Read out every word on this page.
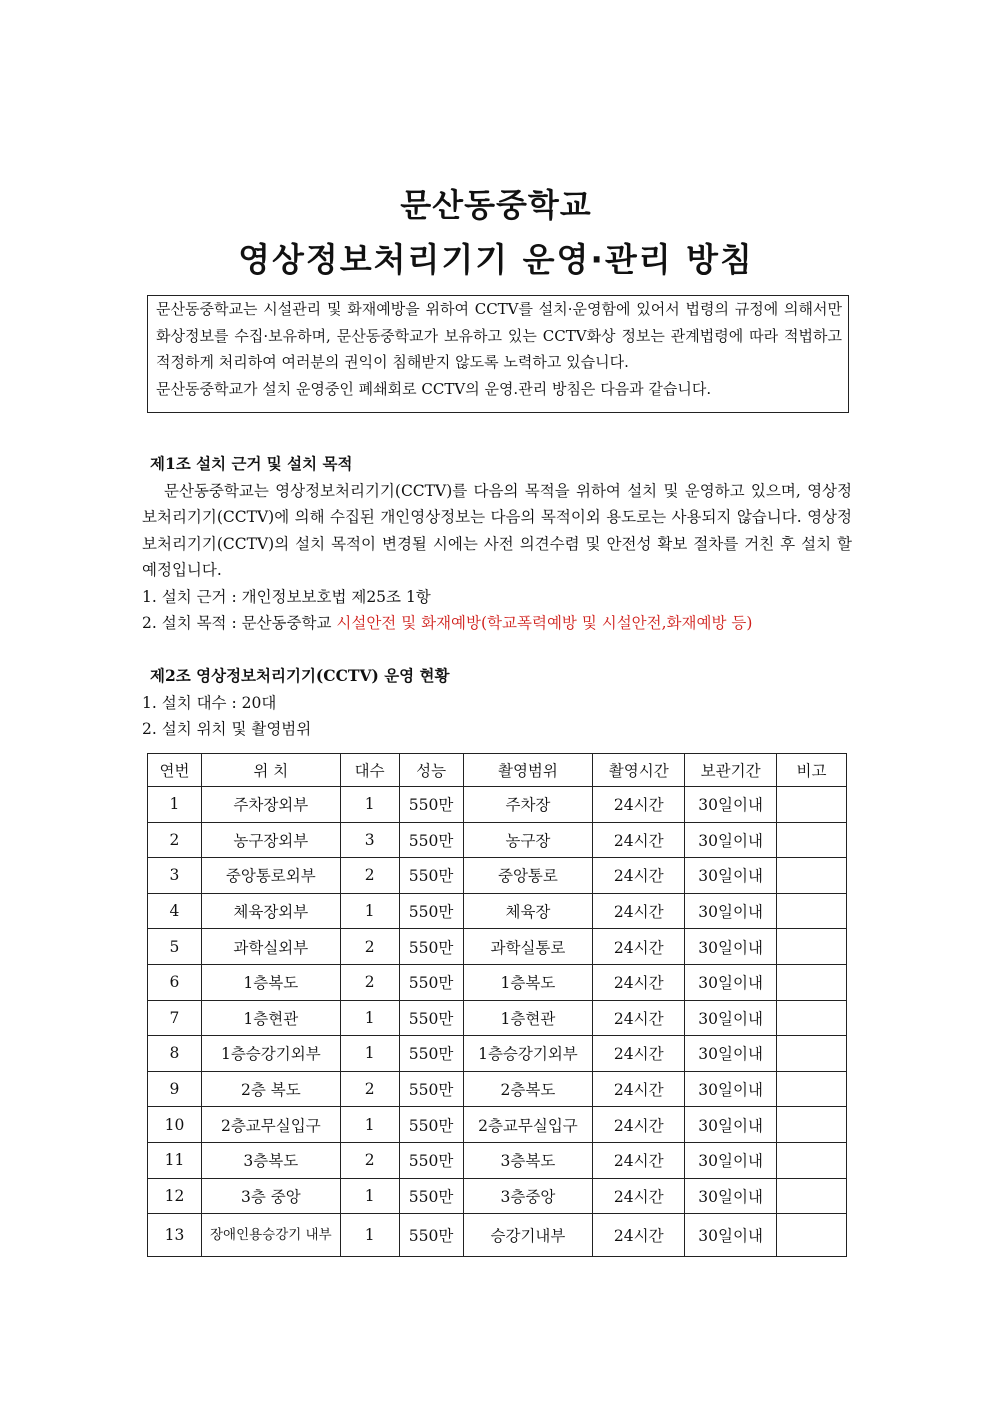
문산동중학교
영상정보처리기기 운영·관리 방침

문산동중학교는 시설관리 및 화재예방을 위하여 CCTV를 설치·운영함에 있어서 법령의 규정에 의해서만 화상정보를 수집·보유하며, 문산동중학교가 보유하고 있는 CCTV화상 정보는 관계법령에 따라 적법하고 적정하게 처리하여 여러분의 권익이 침해받지 않도록 노력하고 있습니다.

문산동중학교가 설치 운영중인 폐쇄회로 CCTV의 운영.관리 방침은 다음과 같습니다.

제1조 설치 근거 및 설치 목적

문산동중학교는 영상정보처리기기(CCTV)를 다음의 목적을 위하여 설치 및 운영하고 있으며, 영상정보처리기기(CCTV)에 의해 수집된 개인영상정보는 다음의 목적이외 용도로는 사용되지 않습니다. 영상정보처리기기(CCTV)의 설치 목적이 변경될 시에는 사전 의견수렴 및 안전성 확보 절차를 거친 후 설치 할 예정입니다.

1. 설치 근거 : 개인정보보호법 제25조 1항

2. 설치 목적 : 문산동중학교 시설안전 및 화재예방(학교폭력예방 및 시설안전,화재예방 등)

제2조 영상정보처리기기(CCTV) 운영 현황

1. 설치 대수 : 20대

2. 설치 위치 및 촬영범위

연번	위 치	대수	성능	촬영범위	촬영시간	보관기간	비고
1	주차장외부	1	550만	주차장	24시간	30일이내	
2	농구장외부	3	550만	농구장	24시간	30일이내	
3	중앙통로외부	2	550만	중앙통로	24시간	30일이내	
4	체육장외부	1	550만	체육장	24시간	30일이내	
5	과학실외부	2	550만	과학실통로	24시간	30일이내	
6	1층복도	2	550만	1층복도	24시간	30일이내	
7	1층현관	1	550만	1층현관	24시간	30일이내	
8	1층승강기외부	1	550만	1층승강기외부	24시간	30일이내	
9	2층 복도	2	550만	2층복도	24시간	30일이내	
10	2층교무실입구	1	550만	2층교무실입구	24시간	30일이내	
11	3층복도	2	550만	3층복도	24시간	30일이내	
12	3층 중앙	1	550만	3층중앙	24시간	30일이내	
13	장애인용승강기 내부	1	550만	승강기내부	24시간	30일이내	
